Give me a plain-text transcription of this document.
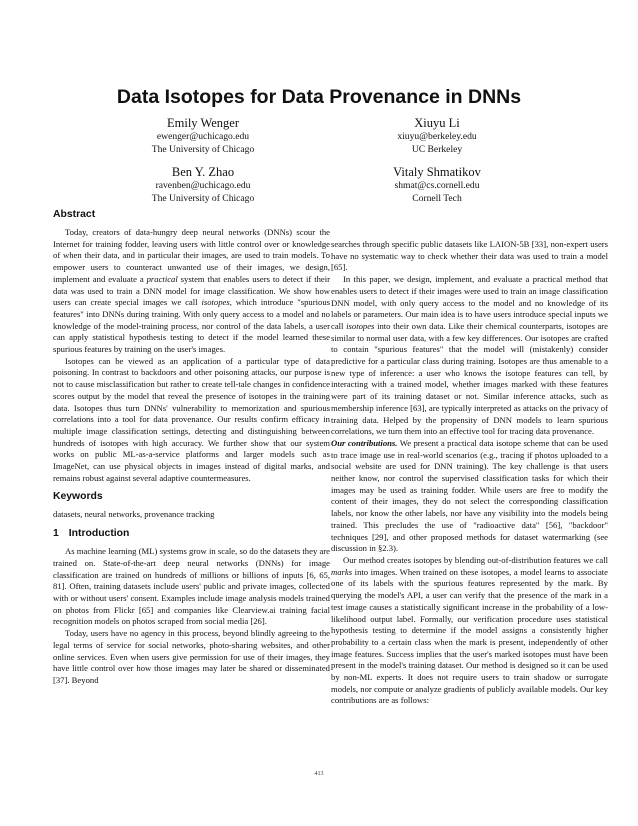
Data Isotopes for Data Provenance in DNNs
Emily Wenger
ewenger@uchicago.edu
The University of Chicago
Xiuyu Li
xiuyu@berkeley.edu
UC Berkeley
Ben Y. Zhao
ravenben@uchicago.edu
The University of Chicago
Vitaly Shmatikov
shmat@cs.cornell.edu
Cornell Tech
Abstract

Today, creators of data-hungry deep neural networks (DNNs) scour the Internet for training fodder, leaving users with little control over or knowledge of when their data, and in particular their images, are used to train models. To empower users to counteract unwanted use of their images, we design, implement and evaluate a practical system that enables users to detect if their data was used to train a DNN model for image classification. We show how users can create special images we call isotopes, which introduce "spurious features" into DNNs during training. With only query access to a model and no knowledge of the model-training process, nor control of the data labels, a user can apply statistical hypothesis testing to detect if the model learned these spurious features by training on the user's images.

Isotopes can be viewed as an application of a particular type of data poisoning. In contrast to backdoors and other poisoning attacks, our purpose is not to cause misclassification but rather to create tell-tale changes in confidence scores output by the model that reveal the presence of isotopes in the training data. Isotopes thus turn DNNs' vulnerability to memorization and spurious correlations into a tool for data provenance. Our results confirm efficacy in multiple image classification settings, detecting and distinguishing between hundreds of isotopes with high accuracy. We further show that our system works on public ML-as-a-service platforms and larger models such as ImageNet, can use physical objects in images instead of digital marks, and remains robust against several adaptive countermeasures.

Keywords

datasets, neural networks, provenance tracking

1 Introduction

As machine learning (ML) systems grow in scale, so do the datasets they are trained on. State-of-the-art deep neural networks (DNNs) for image classification are trained on hundreds of millions or billions of inputs [6, 65, 81]. Often, training datasets include users' public and private images, collected with or without users' consent. Examples include image analysis models trained on photos from Flickr [65] and companies like Clearview.ai training facial recognition models on photos scraped from social media [26].

Today, users have no agency in this process, beyond blindly agreeing to the legal terms of service for social networks, photo-sharing websites, and other online services. Even when users give permission for use of their images, they have little control over how those images may later be shared or disseminated [37]. Beyond

searches through specific public datasets like LAION-5B [33], non-expert users have no systematic way to check whether their data was used to train a model [65].

In this paper, we design, implement, and evaluate a practical method that enables users to detect if their images were used to train an image classification DNN model, with only query access to the model and no knowledge of its labels or parameters. Our main idea is to have users introduce special inputs we call isotopes into their own data. Like their chemical counterparts, isotopes are similar to normal user data, with a few key differences. Our isotopes are crafted to contain "spurious features" that the model will (mistakenly) consider predictive for a particular class during training. Isotopes are thus amenable to a new type of inference: a user who knows the isotope features can tell, by interacting with a trained model, whether images marked with these features were part of its training dataset or not. Similar inference attacks, such as membership inference [63], are typically interpreted as attacks on the privacy of training data. Helped by the propensity of DNN models to learn spurious correlations, we turn them into an effective tool for tracing data provenance.

Our contributions. We present a practical data isotope scheme that can be used to trace image use in real-world scenarios (e.g., tracing if photos uploaded to a social website are used for DNN training). The key challenge is that users neither know, nor control the supervised classification tasks for which their images may be used as training fodder. While users are free to modify the content of their images, they do not select the corresponding classification labels, nor know the other labels, nor have any visibility into the models being trained. This precludes the use of "radioactive data" [56], "backdoor" techniques [29], and other proposed methods for dataset watermarking (see discussion in §2.3).

Our method creates isotopes by blending out-of-distribution features we call marks into images. When trained on these isotopes, a model learns to associate one of its labels with the spurious features represented by the mark. By querying the model's API, a user can verify that the presence of the mark in a test image causes a statistically significant increase in the probability of a low-likelihood output label. Formally, our verification procedure uses statistical hypothesis testing to determine if the model assigns a consistently higher probability to a certain class when the mark is present, independently of other image features. Success implies that the user's marked isotopes must have been present in the model's training dataset. Our method is designed so it can be used by non-ML experts. It does not require users to train shadow or surrogate models, nor compute or analyze gradients of publicly available models. Our key contributions are as follows:

413
